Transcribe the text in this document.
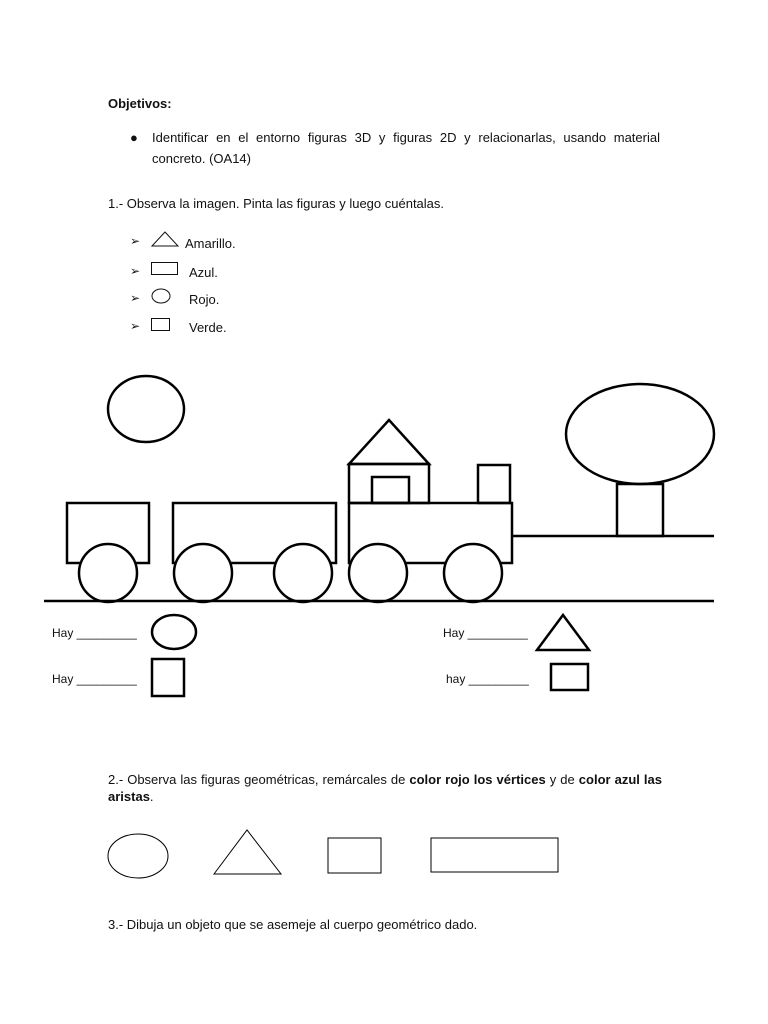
Objetivos:
● Identificar en el entorno figuras 3D y figuras 2D y relacionarlas, usando material concreto. (OA14)
1.- Observa la imagen. Pinta las figuras y luego cuéntalas.
➢	Amarillo.
➢	Azul.
➢	Rojo.
➢	Verde.
Hay _________	Hay _________
Hay _________	hay _________
2.- Observa las figuras geométricas, remárcales de color rojo los vértices y de color azul las aristas.
3.- Dibuja un objeto que se asemeje al cuerpo geométrico dado.
